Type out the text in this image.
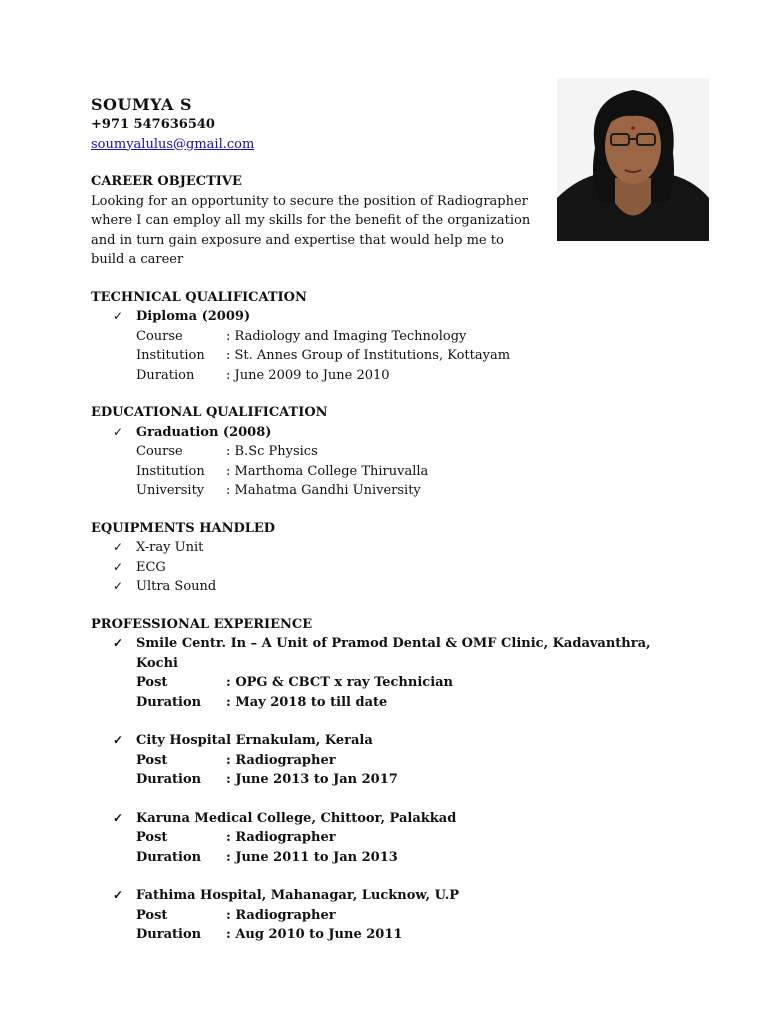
SOUMYA S
+971 547636540
soumyalulus@gmail.com
CAREER OBJECTIVE
Looking for an opportunity to secure the position of Radiographer where I can employ all my skills for the benefit of the organization and in turn gain exposure and expertise that would help me to build a career
TECHNICAL QUALIFICATION
✓ Diploma (2009)
Course	: Radiology and Imaging Technology
Institution	: St. Annes Group of Institutions, Kottayam
Duration	: June 2009 to June 2010
EDUCATIONAL QUALIFICATION
✓ Graduation (2008)
Course	: B.Sc Physics
Institution	: Marthoma College Thiruvalla
University	: Mahatma Gandhi University
EQUIPMENTS HANDLED
✓ X-ray Unit
✓ ECG
✓ Ultra Sound
PROFESSIONAL EXPERIENCE
✓ Smile Centr. In – A Unit of Pramod Dental & OMF Clinic, Kadavanthra, Kochi
Post	: OPG & CBCT x ray Technician
Duration	: May 2018 to till date
✓ City Hospital Ernakulam, Kerala
Post	: Radiographer
Duration	: June 2013 to Jan 2017
✓ Karuna Medical College, Chittoor, Palakkad
Post	: Radiographer
Duration	: June 2011 to Jan 2013
✓ Fathima Hospital, Mahanagar, Lucknow, U.P
Post	: Radiographer
Duration	: Aug 2010 to June 2011
